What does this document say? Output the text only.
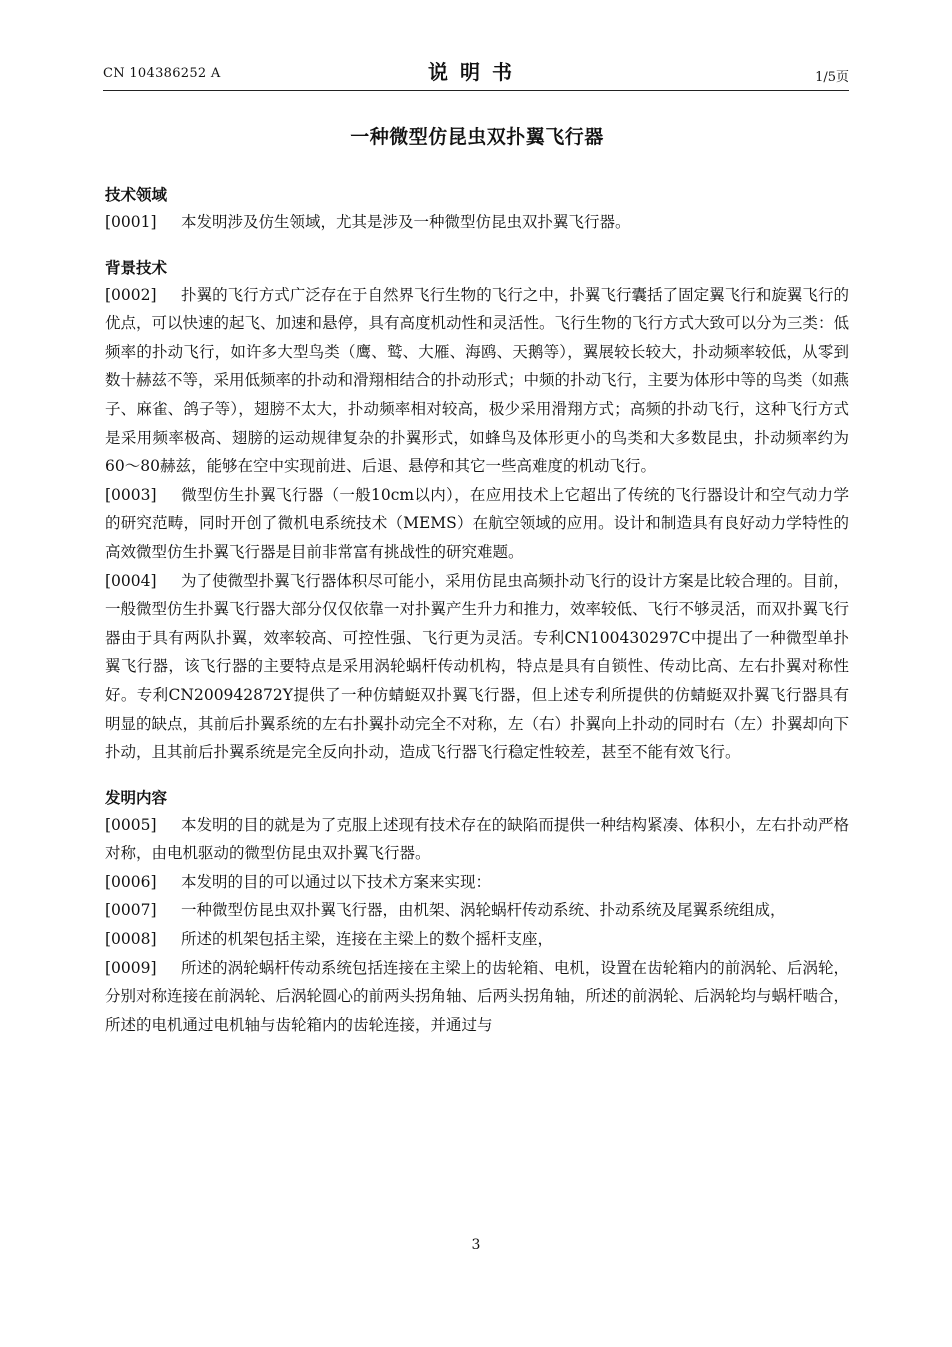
CN 104386252 A	说明书	1/5页
一种微型仿昆虫双扑翼飞行器
技术领域

[0001] 本发明涉及仿生领域，尤其是涉及一种微型仿昆虫双扑翼飞行器。

背景技术

[0002] 扑翼的飞行方式广泛存在于自然界飞行生物的飞行之中，扑翼飞行囊括了固定翼飞行和旋翼飞行的优点，可以快速的起飞、加速和悬停，具有高度机动性和灵活性。飞行生物的飞行方式大致可以分为三类：低频率的扑动飞行，如许多大型鸟类（鹰、鹫、大雁、海鸥、天鹅等），翼展较长较大，扑动频率较低，从零到数十赫兹不等，采用低频率的扑动和滑翔相结合的扑动形式；中频的扑动飞行，主要为体形中等的鸟类（如燕子、麻雀、鸽子等），翅膀不太大，扑动频率相对较高，极少采用滑翔方式；高频的扑动飞行，这种飞行方式是采用频率极高、翅膀的运动规律复杂的扑翼形式，如蜂鸟及体形更小的鸟类和大多数昆虫，扑动频率约为60～80赫兹，能够在空中实现前进、后退、悬停和其它一些高难度的机动飞行。

[0003] 微型仿生扑翼飞行器（一般10cm以内），在应用技术上它超出了传统的飞行器设计和空气动力学的研究范畴，同时开创了微机电系统技术（MEMS）在航空领域的应用。设计和制造具有良好动力学特性的高效微型仿生扑翼飞行器是目前非常富有挑战性的研究难题。

[0004] 为了使微型扑翼飞行器体积尽可能小，采用仿昆虫高频扑动飞行的设计方案是比较合理的。目前，一般微型仿生扑翼飞行器大部分仅仅依靠一对扑翼产生升力和推力，效率较低、飞行不够灵活，而双扑翼飞行器由于具有两队扑翼，效率较高、可控性强、飞行更为灵活。专利CN100430297C中提出了一种微型单扑翼飞行器，该飞行器的主要特点是采用涡轮蜗杆传动机构，特点是具有自锁性、传动比高、左右扑翼对称性好。专利CN200942872Y提供了一种仿蜻蜓双扑翼飞行器，但上述专利所提供的仿蜻蜓双扑翼飞行器具有明显的缺点，其前后扑翼系统的左右扑翼扑动完全不对称，左（右）扑翼向上扑动的同时右（左）扑翼却向下扑动，且其前后扑翼系统是完全反向扑动，造成飞行器飞行稳定性较差，甚至不能有效飞行。

发明内容

[0005] 本发明的目的就是为了克服上述现有技术存在的缺陷而提供一种结构紧凑、体积小，左右扑动严格对称，由电机驱动的微型仿昆虫双扑翼飞行器。

[0006] 本发明的目的可以通过以下技术方案来实现：

[0007] 一种微型仿昆虫双扑翼飞行器，由机架、涡轮蜗杆传动系统、扑动系统及尾翼系统组成，

[0008] 所述的机架包括主梁，连接在主梁上的数个摇杆支座，

[0009] 所述的涡轮蜗杆传动系统包括连接在主梁上的齿轮箱、电机，设置在齿轮箱内的前涡轮、后涡轮，分别对称连接在前涡轮、后涡轮圆心的前两头拐角轴、后两头拐角轴，所述的前涡轮、后涡轮均与蜗杆啮合，所述的电机通过电机轴与齿轮箱内的齿轮连接，并通过与

3
